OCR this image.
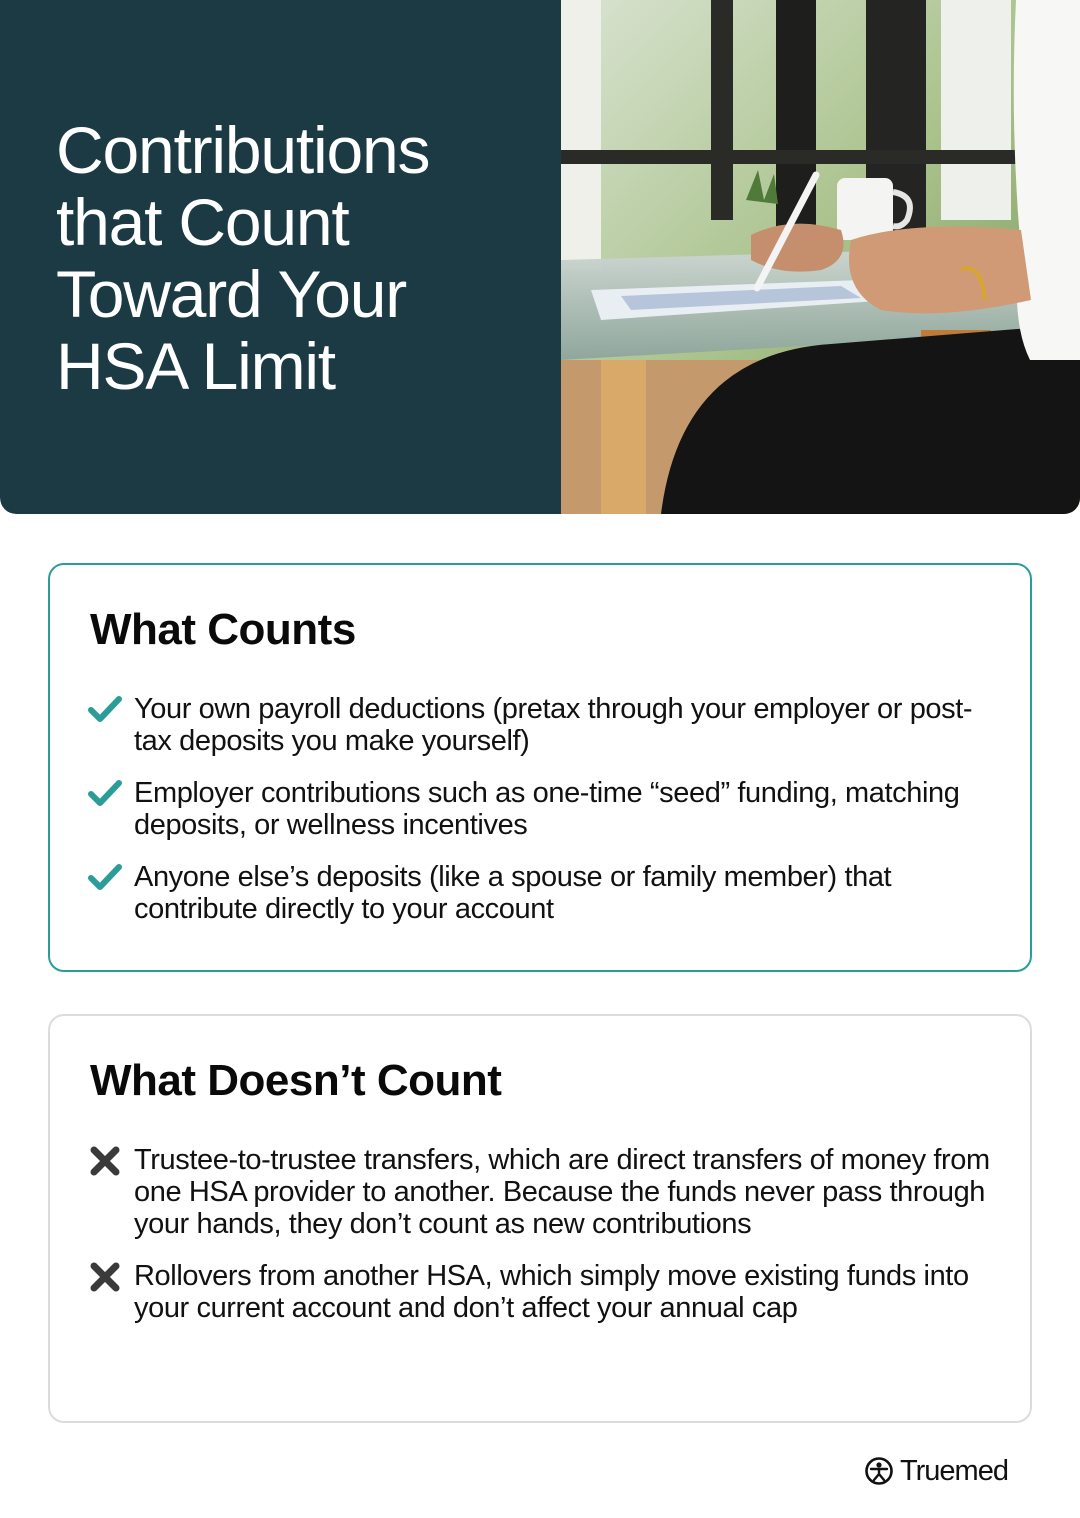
Contributions that Count Toward Your HSA Limit
What Counts
Your own payroll deductions (pretax through your employer or post-tax deposits you make yourself)
Employer contributions such as one-time “seed” funding, matching deposits, or wellness incentives
Anyone else’s deposits (like a spouse or family member) that contribute directly to your account
What Doesn’t Count
Trustee-to-trustee transfers, which are direct transfers of money from one HSA provider to another. Because the funds never pass through your hands, they don’t count as new contributions
Rollovers from another HSA, which simply move existing funds into your current account and don’t affect your annual cap
Truemed
